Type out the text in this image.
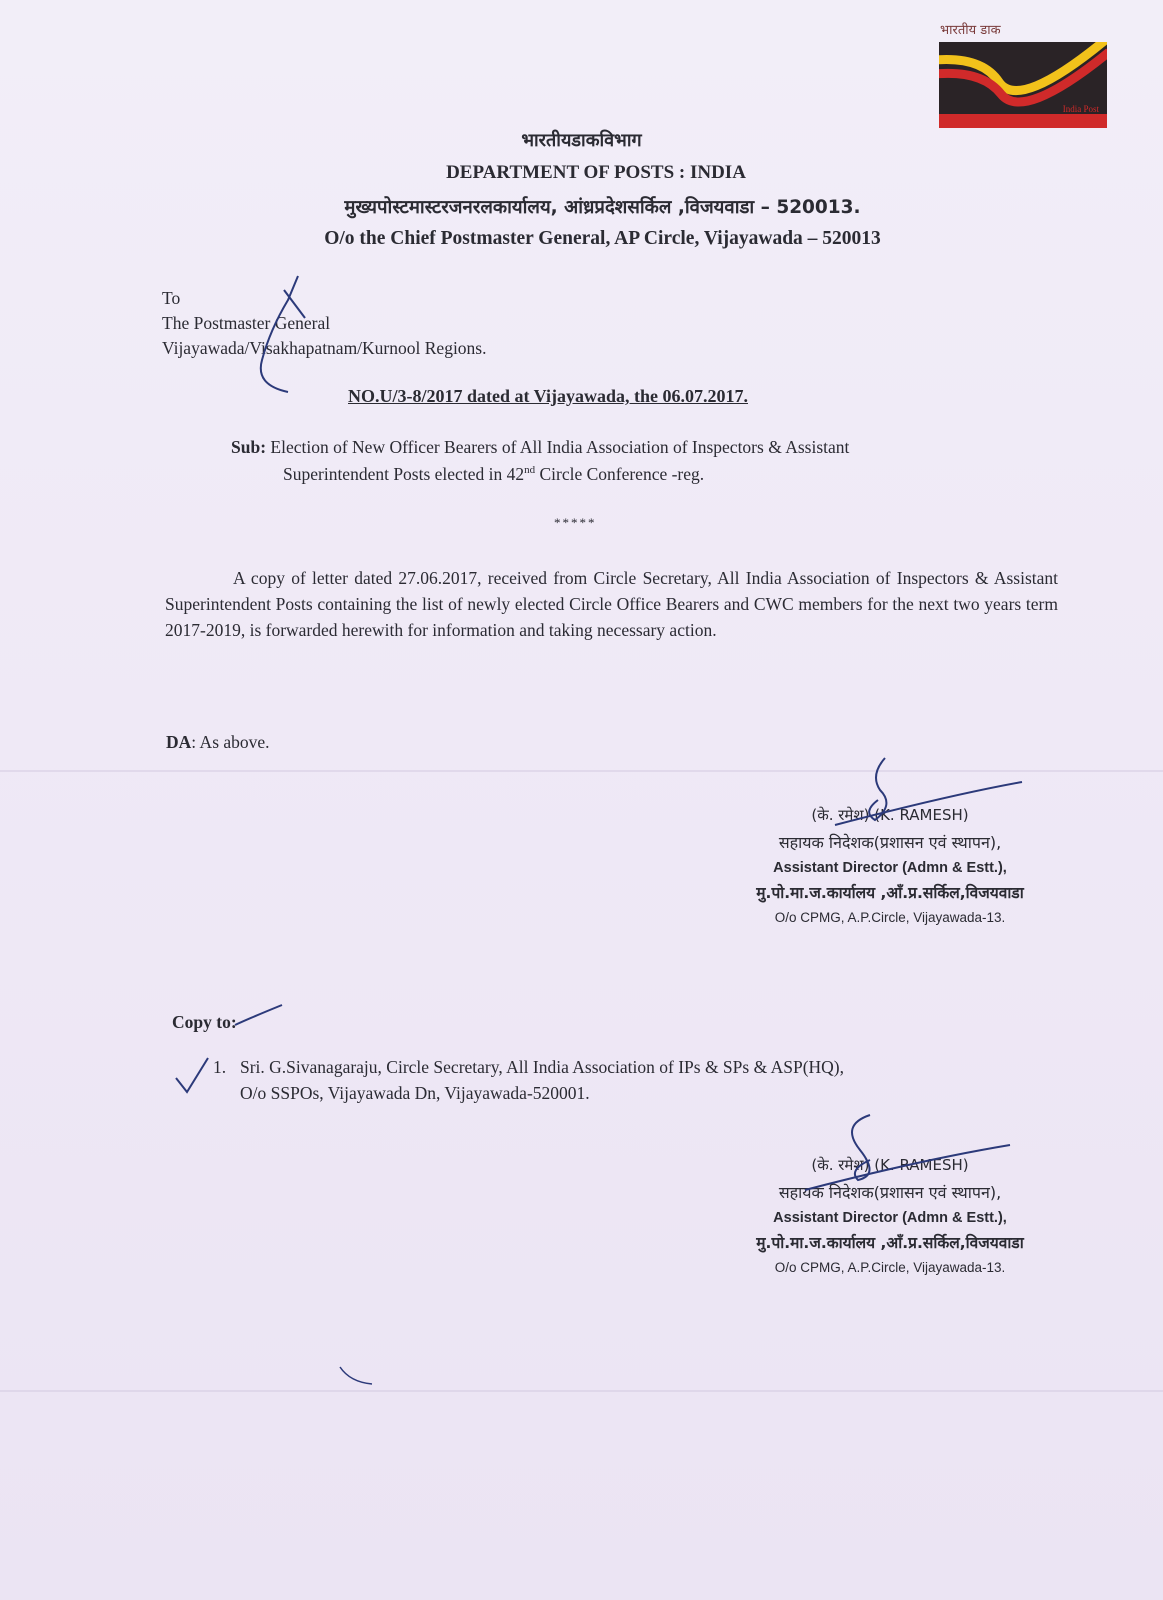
भारतीय डाक
India Post
India Post
भारतीयडाकविभाग
DEPARTMENT OF POSTS : INDIA
मुख्यपोस्टमास्टरजनरलकार्यालय, आंध्रप्रदेशसर्किल ,विजयवाडा – 520013.
O/o the Chief Postmaster General, AP Circle, Vijayawada – 520013
To
The Postmaster General
Vijayawada/Visakhapatnam/Kurnool Regions.
NO.U/3-8/2017 dated at Vijayawada, the 06.07.2017.
Sub: Election of New Officer Bearers of All India Association of Inspectors & Assistant
Superintendent Posts elected in 42nd Circle Conference -reg.
*****
A copy of letter dated 27.06.2017, received from Circle Secretary, All India Association of Inspectors & Assistant Superintendent Posts containing the list of newly elected Circle Office Bearers and CWC members for the next two years term 2017-2019, is forwarded herewith for information and taking necessary action.
DA: As above.
(के. रमेश) (K. RAMESH)
सहायक निदेशक(प्रशासन एवं स्थापन),
Assistant Director (Admn & Estt.),
मु.पो.मा.ज.कार्यालय ,आँ.प्र.सर्किल,विजयवाडा
O/o CPMG, A.P.Circle, Vijayawada-13.
Copy to:
1. Sri. G.Sivanagaraju, Circle Secretary, All India Association of IPs & SPs & ASP(HQ),
O/o SSPOs, Vijayawada Dn, Vijayawada-520001.
(के. रमेश) (K. RAMESH)
सहायक निदेशक(प्रशासन एवं स्थापन),
Assistant Director (Admn & Estt.),
मु.पो.मा.ज.कार्यालय ,आँ.प्र.सर्किल,विजयवाडा
O/o CPMG, A.P.Circle, Vijayawada-13.
